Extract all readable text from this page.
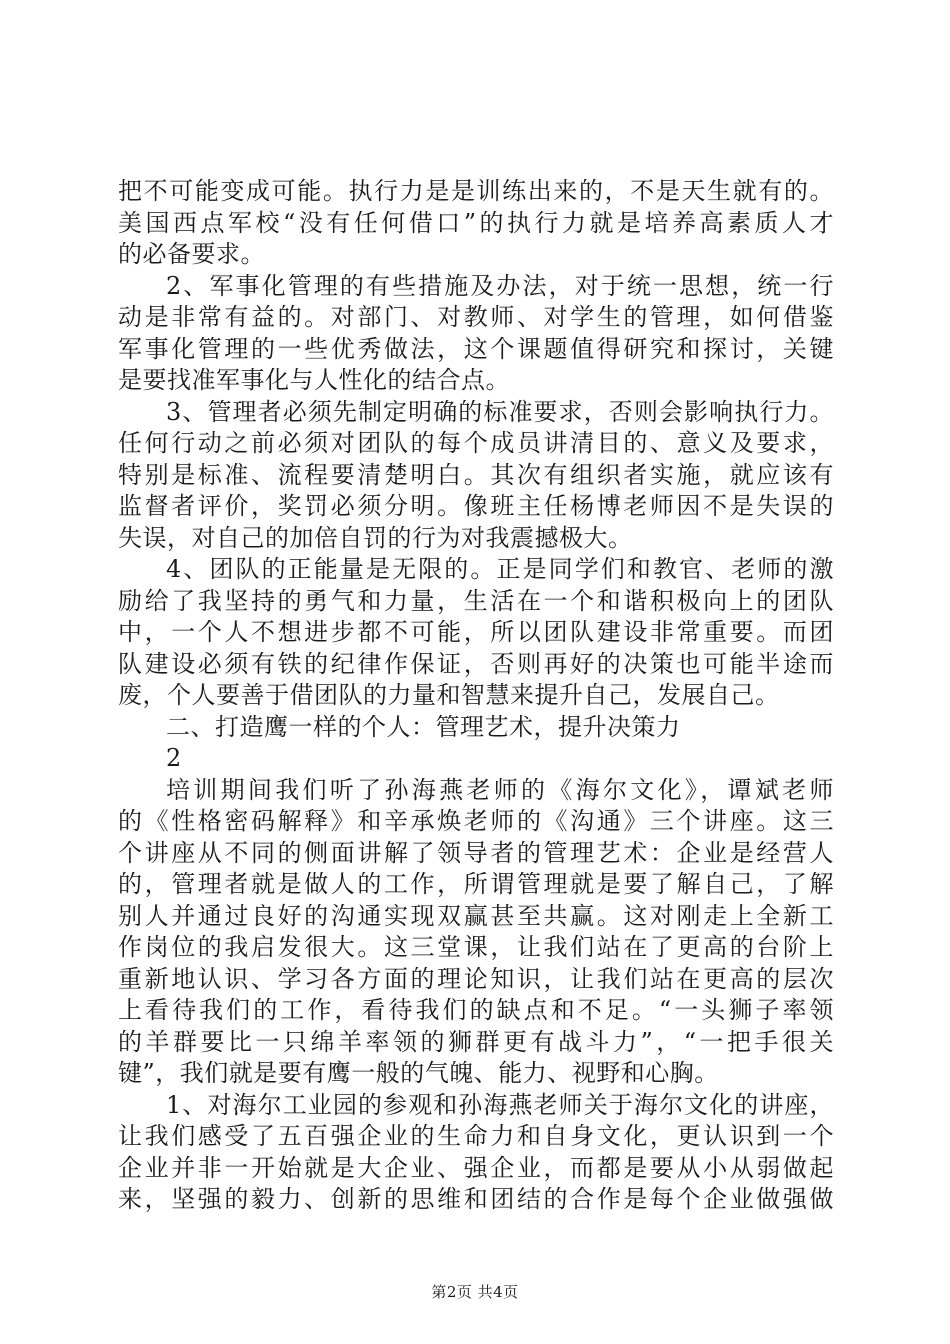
把不可能变成可能。执行力是是训练出来的，不是天生就有的。
美国西点军校“没有任何借口”的执行力就是培养高素质人才
的必备要求。
2、军事化管理的有些措施及办法，对于统一思想，统一行
动是非常有益的。对部门、对教师、对学生的管理，如何借鉴
军事化管理的一些优秀做法，这个课题值得研究和探讨，关键
是要找准军事化与人性化的结合点。
3、管理者必须先制定明确的标准要求，否则会影响执行力。
任何行动之前必须对团队的每个成员讲清目的、意义及要求，
特别是标准、流程要清楚明白。其次有组织者实施，就应该有
监督者评价，奖罚必须分明。像班主任杨博老师因不是失误的
失误，对自己的加倍自罚的行为对我震撼极大。
4、团队的正能量是无限的。正是同学们和教官、老师的激
励给了我坚持的勇气和力量，生活在一个和谐积极向上的团队
中，一个人不想进步都不可能，所以团队建设非常重要。而团
队建设必须有铁的纪律作保证，否则再好的决策也可能半途而
废，个人要善于借团队的力量和智慧来提升自己，发展自己。
二、打造鹰一样的个人：管理艺术，提升决策力
2
培训期间我们听了孙海燕老师的《海尔文化》，谭斌老师
的《性格密码解释》和辛承焕老师的《沟通》三个讲座。这三
个讲座从不同的侧面讲解了领导者的管理艺术：企业是经营人
的，管理者就是做人的工作，所谓管理就是要了解自己，了解
别人并通过良好的沟通实现双赢甚至共赢。这对刚走上全新工
作岗位的我启发很大。这三堂课，让我们站在了更高的台阶上
重新地认识、学习各方面的理论知识，让我们站在更高的层次
上看待我们的工作，看待我们的缺点和不足。“一头狮子率领
的羊群要比一只绵羊率领的狮群更有战斗力”，“一把手很关
键”，我们就是要有鹰一般的气魄、能力、视野和心胸。
1、对海尔工业园的参观和孙海燕老师关于海尔文化的讲座，
让我们感受了五百强企业的生命力和自身文化，更认识到一个
企业并非一开始就是大企业、强企业，而都是要从小从弱做起
来，坚强的毅力、创新的思维和团结的合作是每个企业做强做
第2页 共4页
